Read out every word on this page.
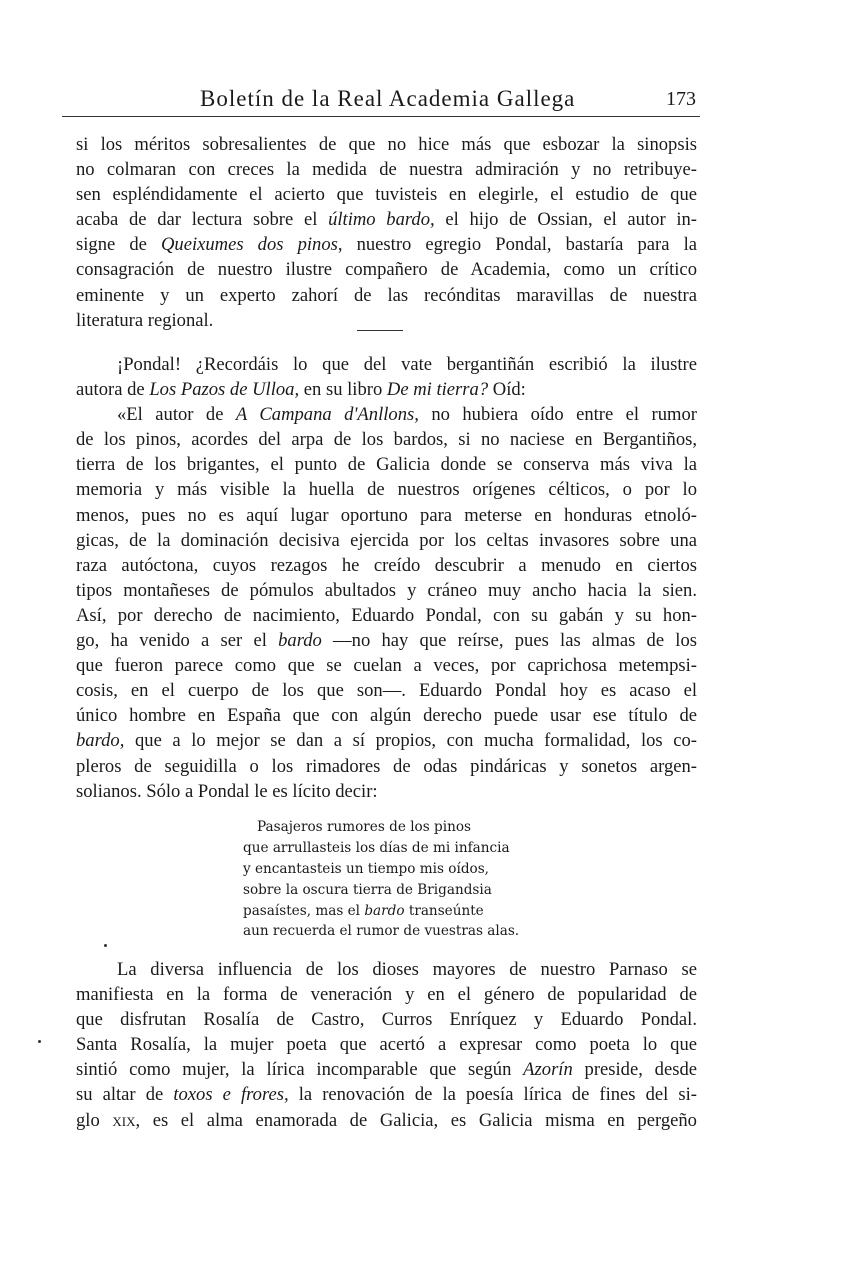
Boletín de la Real Academia Gallega	173
si los méritos sobresalientes de que no hice más que esbozar la sinopsis
no colmaran con creces la medida de nuestra admiración y no retribuye-
sen espléndidamente el acierto que tuvisteis en elegirle, el estudio de que
acaba de dar lectura sobre el último bardo, el hijo de Ossian, el autor in-
signe de Queixumes dos pinos, nuestro egregio Pondal, bastaría para la
consagración de nuestro ilustre compañero de Academia, como un crítico
eminente y un experto zahorí de las recónditas maravillas de nuestra
literatura regional.
¡Pondal! ¿Recordáis lo que del vate bergantiñán escribió la ilustre
autora de Los Pazos de Ulloa, en su libro De mi tierra? Oíd:
«El autor de A Campana d'Anllons, no hubiera oído entre el rumor
de los pinos, acordes del arpa de los bardos, si no naciese en Bergantiños,
tierra de los brigantes, el punto de Galicia donde se conserva más viva la
memoria y más visible la huella de nuestros orígenes célticos, o por lo
menos, pues no es aquí lugar oportuno para meterse en honduras etnoló-
gicas, de la dominación decisiva ejercida por los celtas invasores sobre una
raza autóctona, cuyos rezagos he creído descubrir a menudo en ciertos
tipos montañeses de pómulos abultados y cráneo muy ancho hacia la sien.
Así, por derecho de nacimiento, Eduardo Pondal, con su gabán y su hon-
go, ha venido a ser el bardo —no hay que reírse, pues las almas de los
que fueron parece como que se cuelan a veces, por caprichosa metempsi-
cosis, en el cuerpo de los que son—. Eduardo Pondal hoy es acaso el
único hombre en España que con algún derecho puede usar ese título de
bardo, que a lo mejor se dan a sí propios, con mucha formalidad, los co-
pleros de seguidilla o los rimadores de odas pindáricas y sonetos argen-
solianos. Sólo a Pondal le es lícito decir:
Pasajeros rumores de los pinos
que arrullasteis los días de mi infancia
y encantasteis un tiempo mis oídos,
sobre la oscura tierra de Brigandsia
pasaístes, mas el bardo transeúnte
aun recuerda el rumor de vuestras alas.
La diversa influencia de los dioses mayores de nuestro Parnaso se
manifiesta en la forma de veneración y en el género de popularidad de
que disfrutan Rosalía de Castro, Curros Enríquez y Eduardo Pondal.
Santa Rosalía, la mujer poeta que acertó a expresar como poeta lo que
sintió como mujer, la lírica incomparable que según Azorín preside, desde
su altar de toxos e frores, la renovación de la poesía lírica de fines del si-
glo xix, es el alma enamorada de Galicia, es Galicia misma en pergeño
